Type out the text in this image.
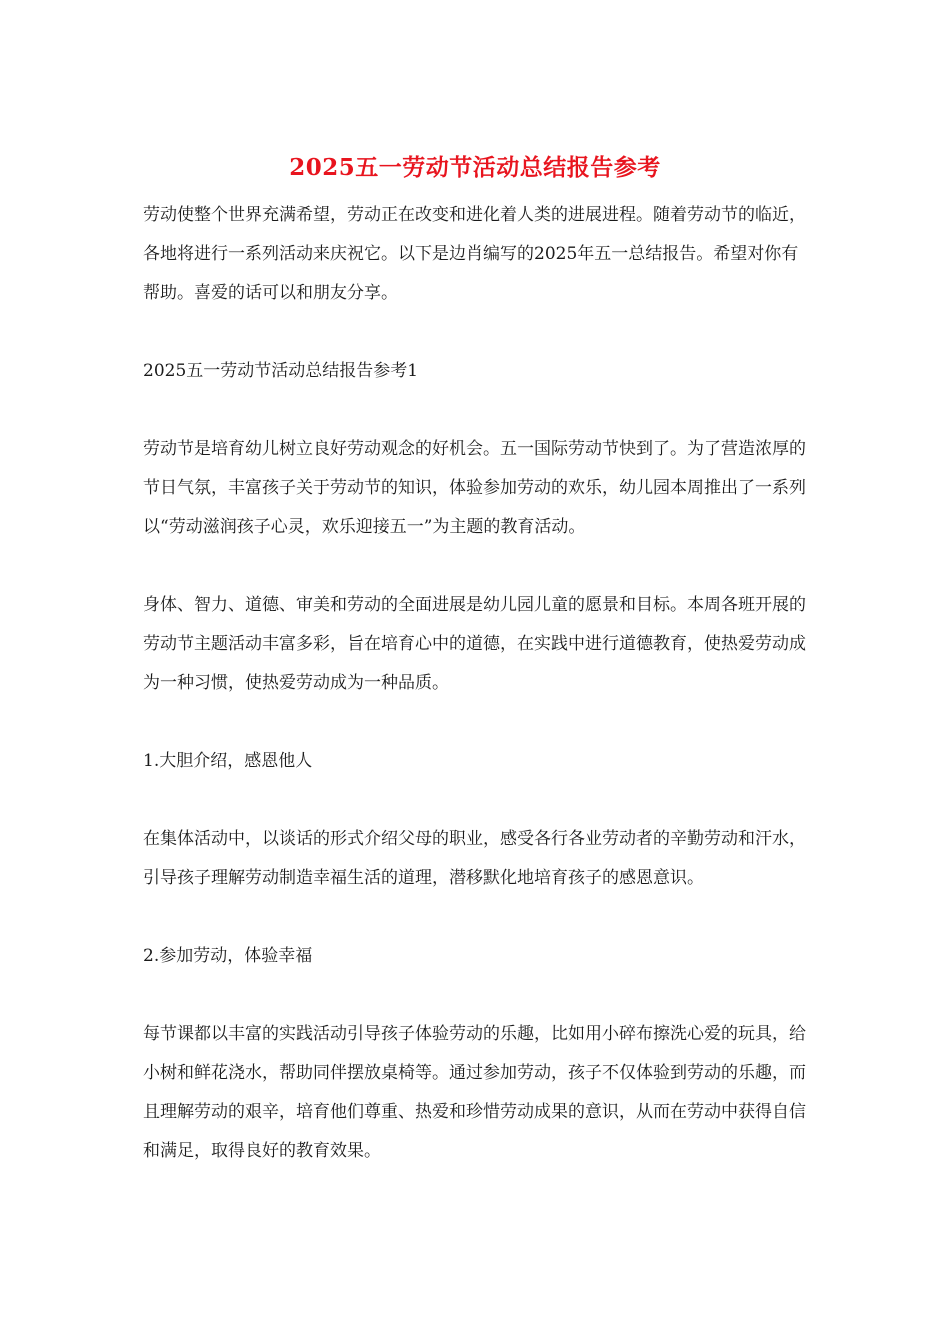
2025五一劳动节活动总结报告参考

劳动使整个世界充满希望，劳动正在改变和进化着人类的进展进程。随着劳动节的临近，各地将进行一系列活动来庆祝它。以下是边肖编写的2025年五一总结报告。希望对你有帮助。喜爱的话可以和朋友分享。

2025五一劳动节活动总结报告参考1

劳动节是培育幼儿树立良好劳动观念的好机会。五一国际劳动节快到了。为了营造浓厚的节日气氛，丰富孩子关于劳动节的知识，体验参加劳动的欢乐，幼儿园本周推出了一系列以“劳动滋润孩子心灵，欢乐迎接五一”为主题的教育活动。

身体、智力、道德、审美和劳动的全面进展是幼儿园儿童的愿景和目标。本周各班开展的劳动节主题活动丰富多彩，旨在培育心中的道德，在实践中进行道德教育，使热爱劳动成为一种习惯，使热爱劳动成为一种品质。

1.大胆介绍，感恩他人

在集体活动中，以谈话的形式介绍父母的职业，感受各行各业劳动者的辛勤劳动和汗水，引导孩子理解劳动制造幸福生活的道理，潜移默化地培育孩子的感恩意识。

2.参加劳动，体验幸福

每节课都以丰富的实践活动引导孩子体验劳动的乐趣，比如用小碎布擦洗心爱的玩具，给小树和鲜花浇水，帮助同伴摆放桌椅等。通过参加劳动，孩子不仅体验到劳动的乐趣，而且理解劳动的艰辛，培育他们尊重、热爱和珍惜劳动成果的意识，从而在劳动中获得自信和满足，取得良好的教育效果。
